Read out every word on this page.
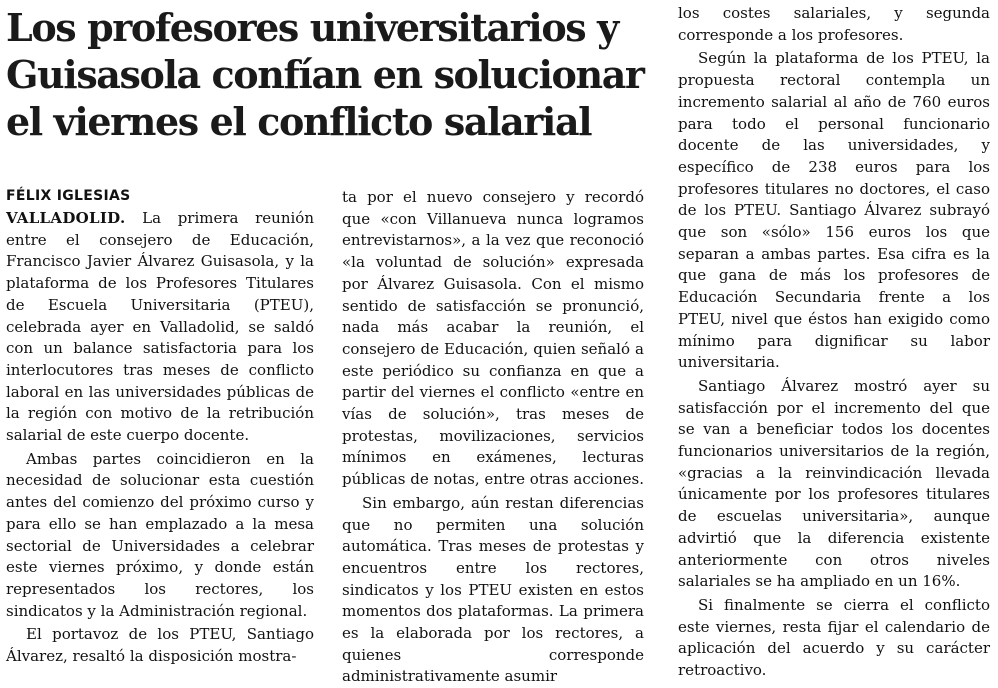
Los profesores universitarios y Guisasola confían en solucionar el viernes el conflicto salarial
FÉLIX IGLESIAS

VALLADOLID. La primera reunión entre el consejero de Educación, Francisco Javier Álvarez Guisasola, y la plataforma de los Profesores Titulares de Escuela Universitaria (PTEU), celebrada ayer en Valladolid, se saldó con un balance satisfactoria para los interlocutores tras meses de conflicto laboral en las universidades públicas de la región con motivo de la retribución salarial de este cuerpo docente.

Ambas partes coincidieron en la necesidad de solucionar esta cuestión antes del comienzo del próximo curso y para ello se han emplazado a la mesa sectorial de Universidades a celebrar este viernes próximo, y donde están representados los rectores, los sindicatos y la Administración regional.

El portavoz de los PTEU, Santiago Álvarez, resaltó la disposición mostra-

ta por el nuevo consejero y recordó que «con Villanueva nunca logramos entrevistarnos», a la vez que reconoció «la voluntad de solución» expresada por Álvarez Guisasola. Con el mismo sentido de satisfacción se pronunció, nada más acabar la reunión, el consejero de Educación, quien señaló a este periódico su confianza en que a partir del viernes el conflicto «entre en vías de solución», tras meses de protestas, movilizaciones, servicios mínimos en exámenes, lecturas públicas de notas, entre otras acciones.

Sin embargo, aún restan diferencias que no permiten una solución automática. Tras meses de protestas y encuentros entre los rectores, sindicatos y los PTEU existen en estos momentos dos plataformas. La primera es la elaborada por los rectores, a quienes corresponde administrativamente asumir

los costes salariales, y segunda corresponde a los profesores.

Según la plataforma de los PTEU, la propuesta rectoral contempla un incremento salarial al año de 760 euros para todo el personal funcionario docente de las universidades, y específico de 238 euros para los profesores titulares no doctores, el caso de los PTEU. Santiago Álvarez subrayó que son «sólo» 156 euros los que separan a ambas partes. Esa cifra es la que gana de más los profesores de Educación Secundaria frente a los PTEU, nivel que éstos han exigido como mínimo para dignificar su labor universitaria.

Santiago Álvarez mostró ayer su satisfacción por el incremento del que se van a beneficiar todos los docentes funcionarios universitarios de la región, «gracias a la reinvindicación llevada únicamente por los profesores titulares de escuelas universitaria», aunque advirtió que la diferencia existente anteriormente con otros niveles salariales se ha ampliado en un 16%.

Si finalmente se cierra el conflicto este viernes, resta fijar el calendario de aplicación del acuerdo y su carácter retroactivo.
